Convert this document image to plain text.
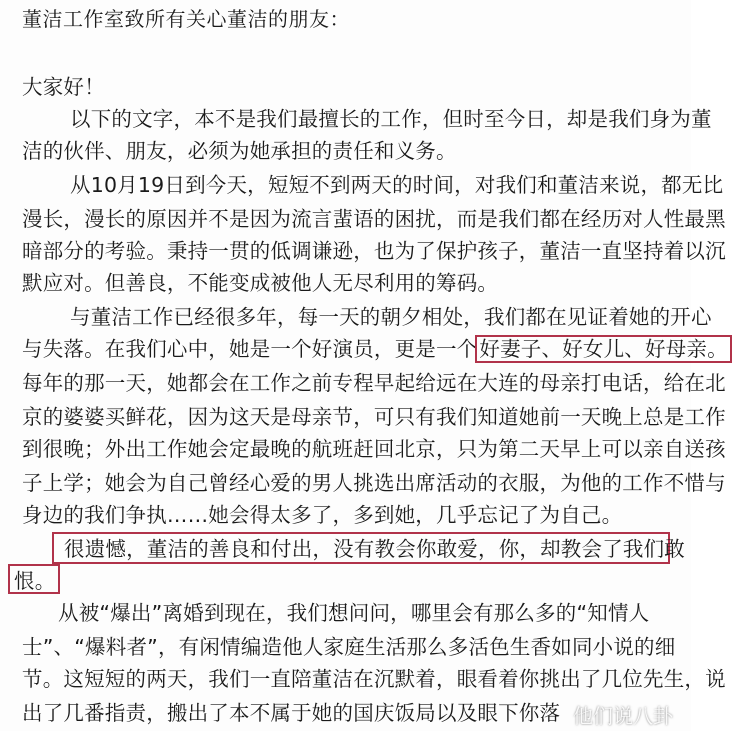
董洁工作室致所有关心董洁的朋友：
大家好！
以下的文字，本不是我们最擅长的工作，但时至今日，却是我们身为董
洁的伙伴、朋友，必须为她承担的责任和义务。
从10月19日到今天，短短不到两天的时间，对我们和董洁来说，都无比
漫长，漫长的原因并不是因为流言蜚语的困扰，而是我们都在经历对人性最黑
暗部分的考验。秉持一贯的低调谦逊，也为了保护孩子，董洁一直坚持着以沉
默应对。但善良，不能变成被他人无尽利用的筹码。
与董洁工作已经很多年，每一天的朝夕相处，我们都在见证着她的开心
与失落。在我们心中，她是一个好演员，更是一个好妻子、好女儿、好母亲。
每年的那一天，她都会在工作之前专程早起给远在大连的母亲打电话，给在北
京的婆婆买鲜花，因为这天是母亲节，可只有我们知道她前一天晚上总是工作
到很晚；外出工作她会定最晚的航班赶回北京，只为第二天早上可以亲自送孩
子上学；她会为自己曾经心爱的男人挑选出席活动的衣服，为他的工作不惜与
身边的我们争执……她会得太多了，多到她，几乎忘记了为自己。
很遗憾，董洁的善良和付出，没有教会你敢爱，你，却教会了我们敢
恨。
从被“爆出”离婚到现在，我们想问问，哪里会有那么多的“知情人
士”、“爆料者”，有闲情编造他人家庭生活那么多活色生香如同小说的细
节。这短短的两天，我们一直陪董洁在沉默着，眼看着你挑出了几位先生，说
出了几番指责，搬出了本不属于她的国庆饭局以及眼下你落 他们说八卦
